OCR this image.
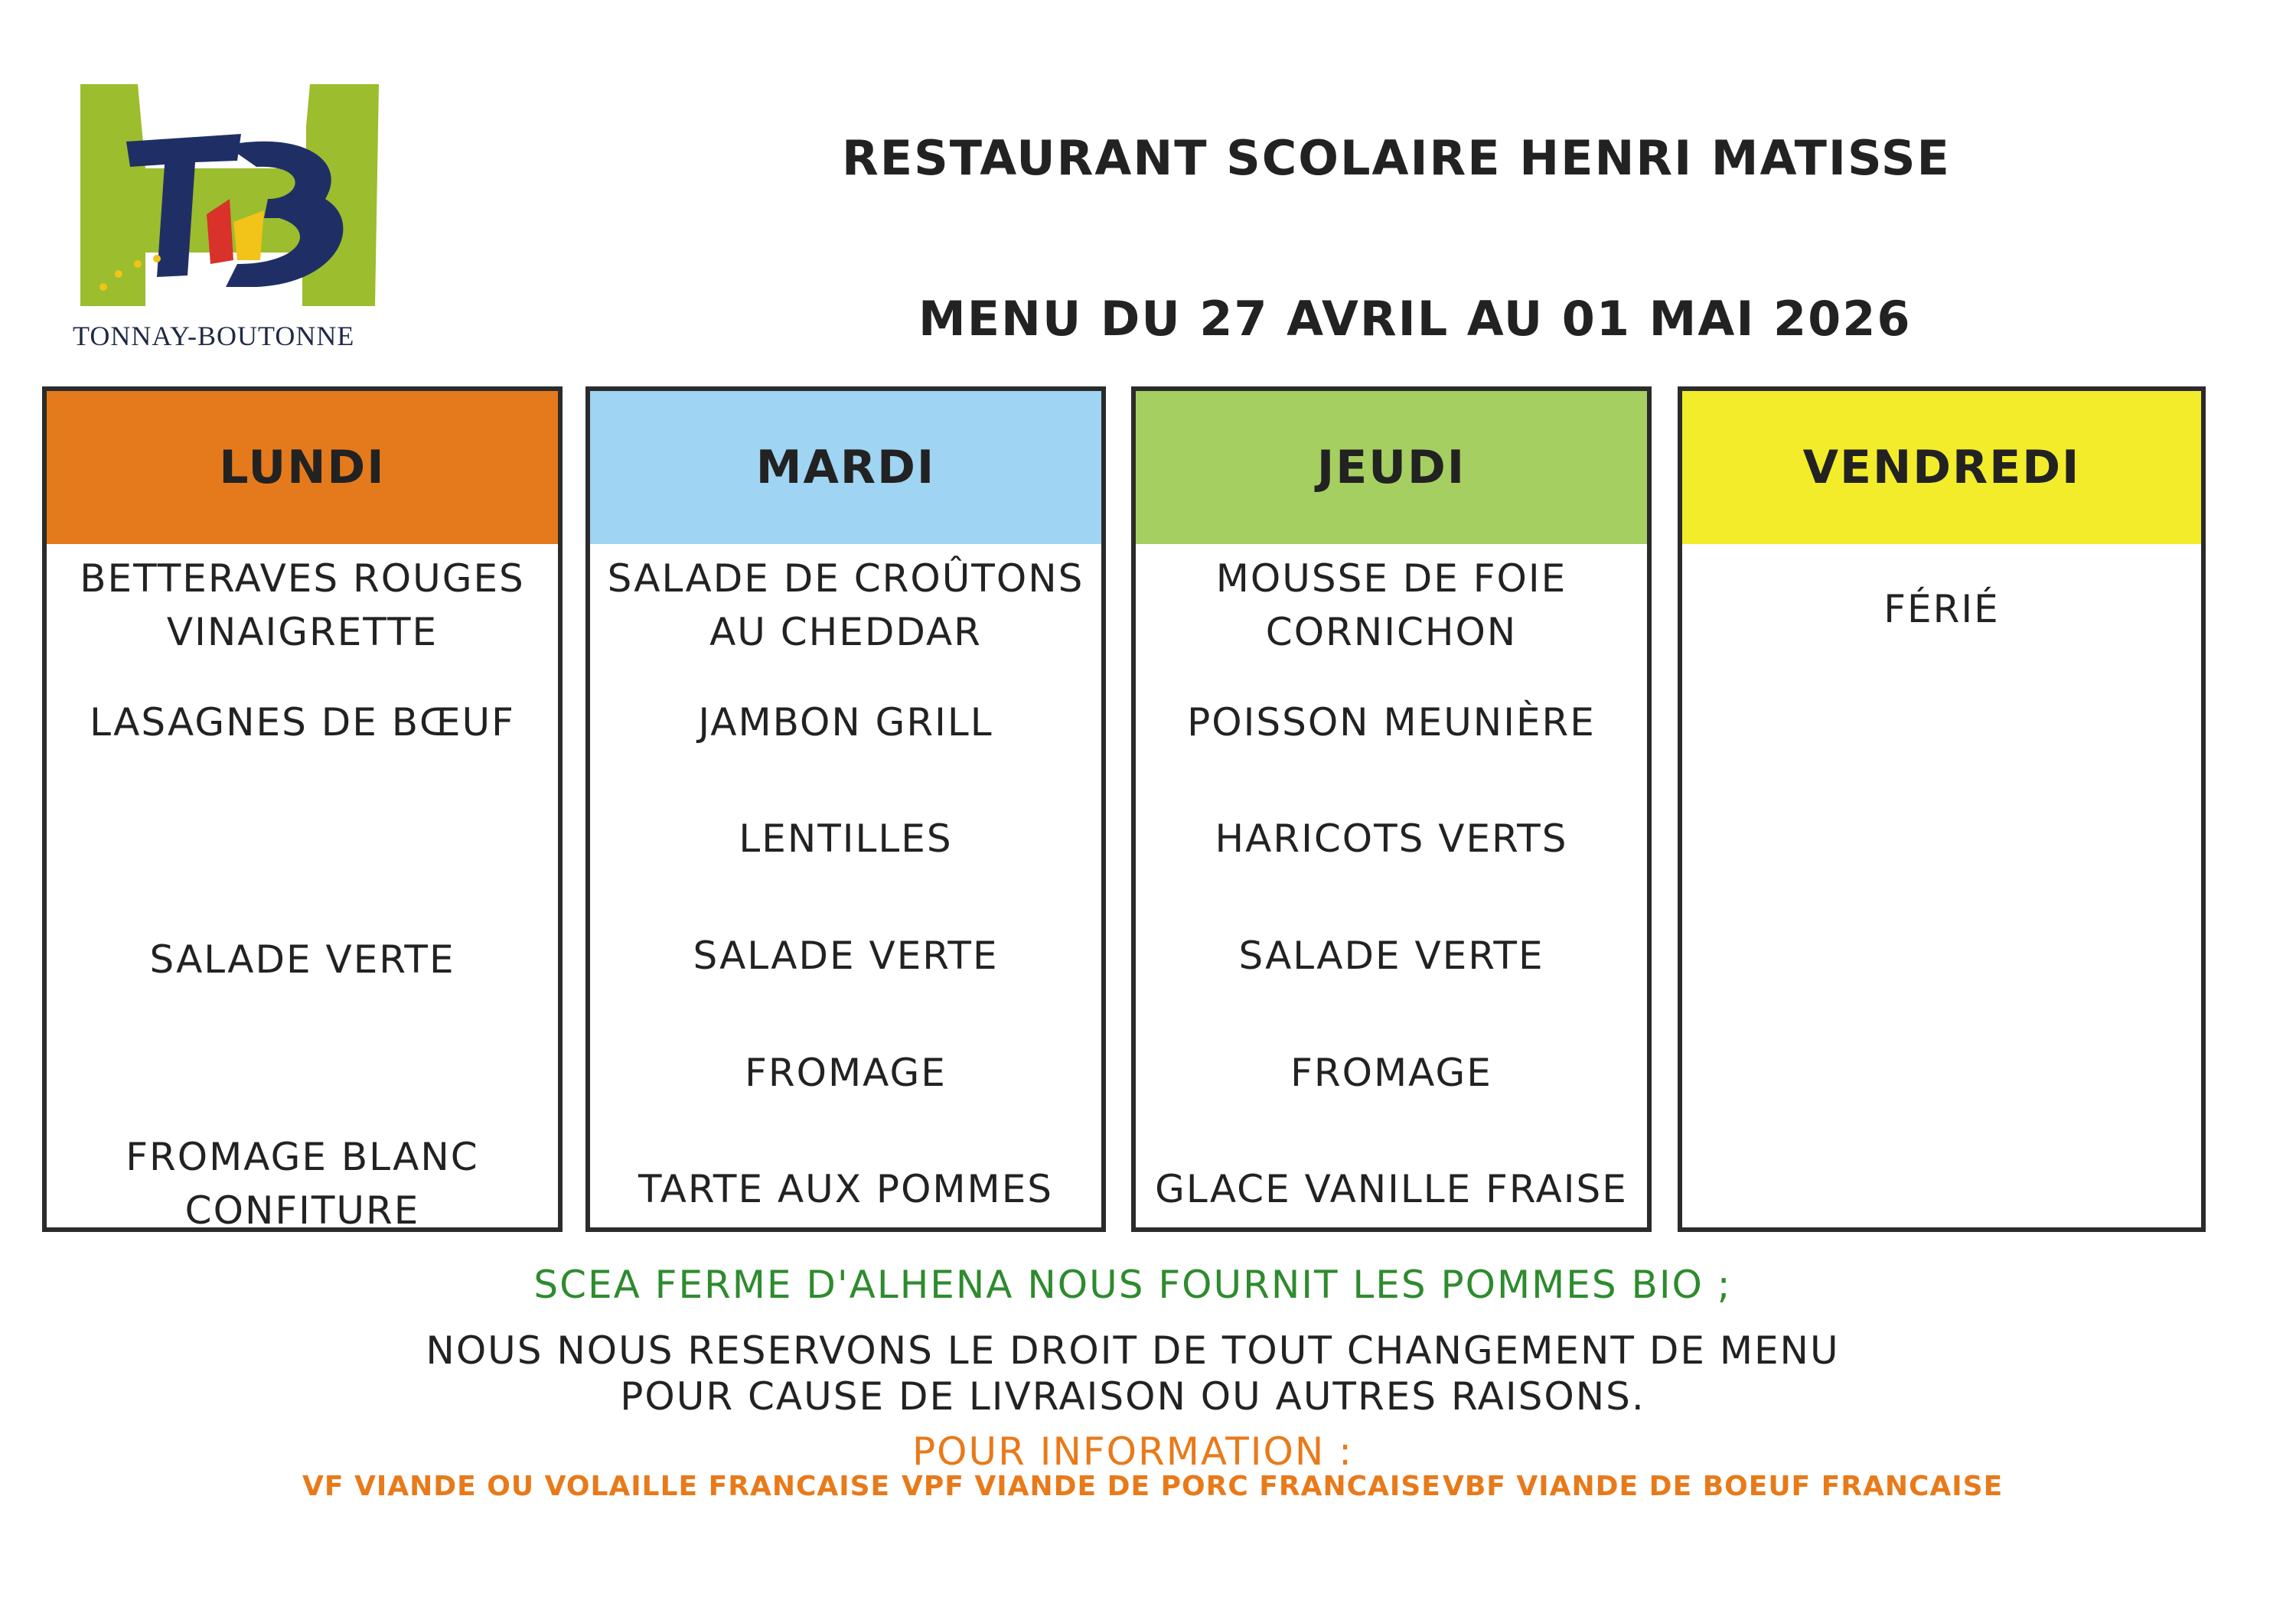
TONNAY-BOUTONNE
RESTAURANT SCOLAIRE HENRI MATISSE
MENU DU 27 AVRIL AU 01 MAI 2026
LUNDI
BETTERAVES ROUGES
VINAIGRETTE
LASAGNES DE BŒUF
SALADE VERTE
FROMAGE BLANC
CONFITURE
MARDI
SALADE DE CROÛTONS
AU CHEDDAR
JAMBON GRILL
LENTILLES
SALADE VERTE
FROMAGE
TARTE AUX POMMES
JEUDI
MOUSSE DE FOIE
CORNICHON
POISSON MEUNIÈRE
HARICOTS VERTS
SALADE VERTE
FROMAGE
GLACE VANILLE FRAISE
VENDREDI
FÉRIÉ
SCEA FERME D'ALHENA NOUS FOURNIT LES POMMES BIO ;
NOUS NOUS RESERVONS LE DROIT DE TOUT CHANGEMENT DE MENU
POUR CAUSE DE LIVRAISON OU AUTRES RAISONS.
POUR INFORMATION :
VF VIANDE OU VOLAILLE FRANCAISE VPF VIANDE DE PORC FRANCAISE VBF VIANDE DE BOEUF FRANCAISE
